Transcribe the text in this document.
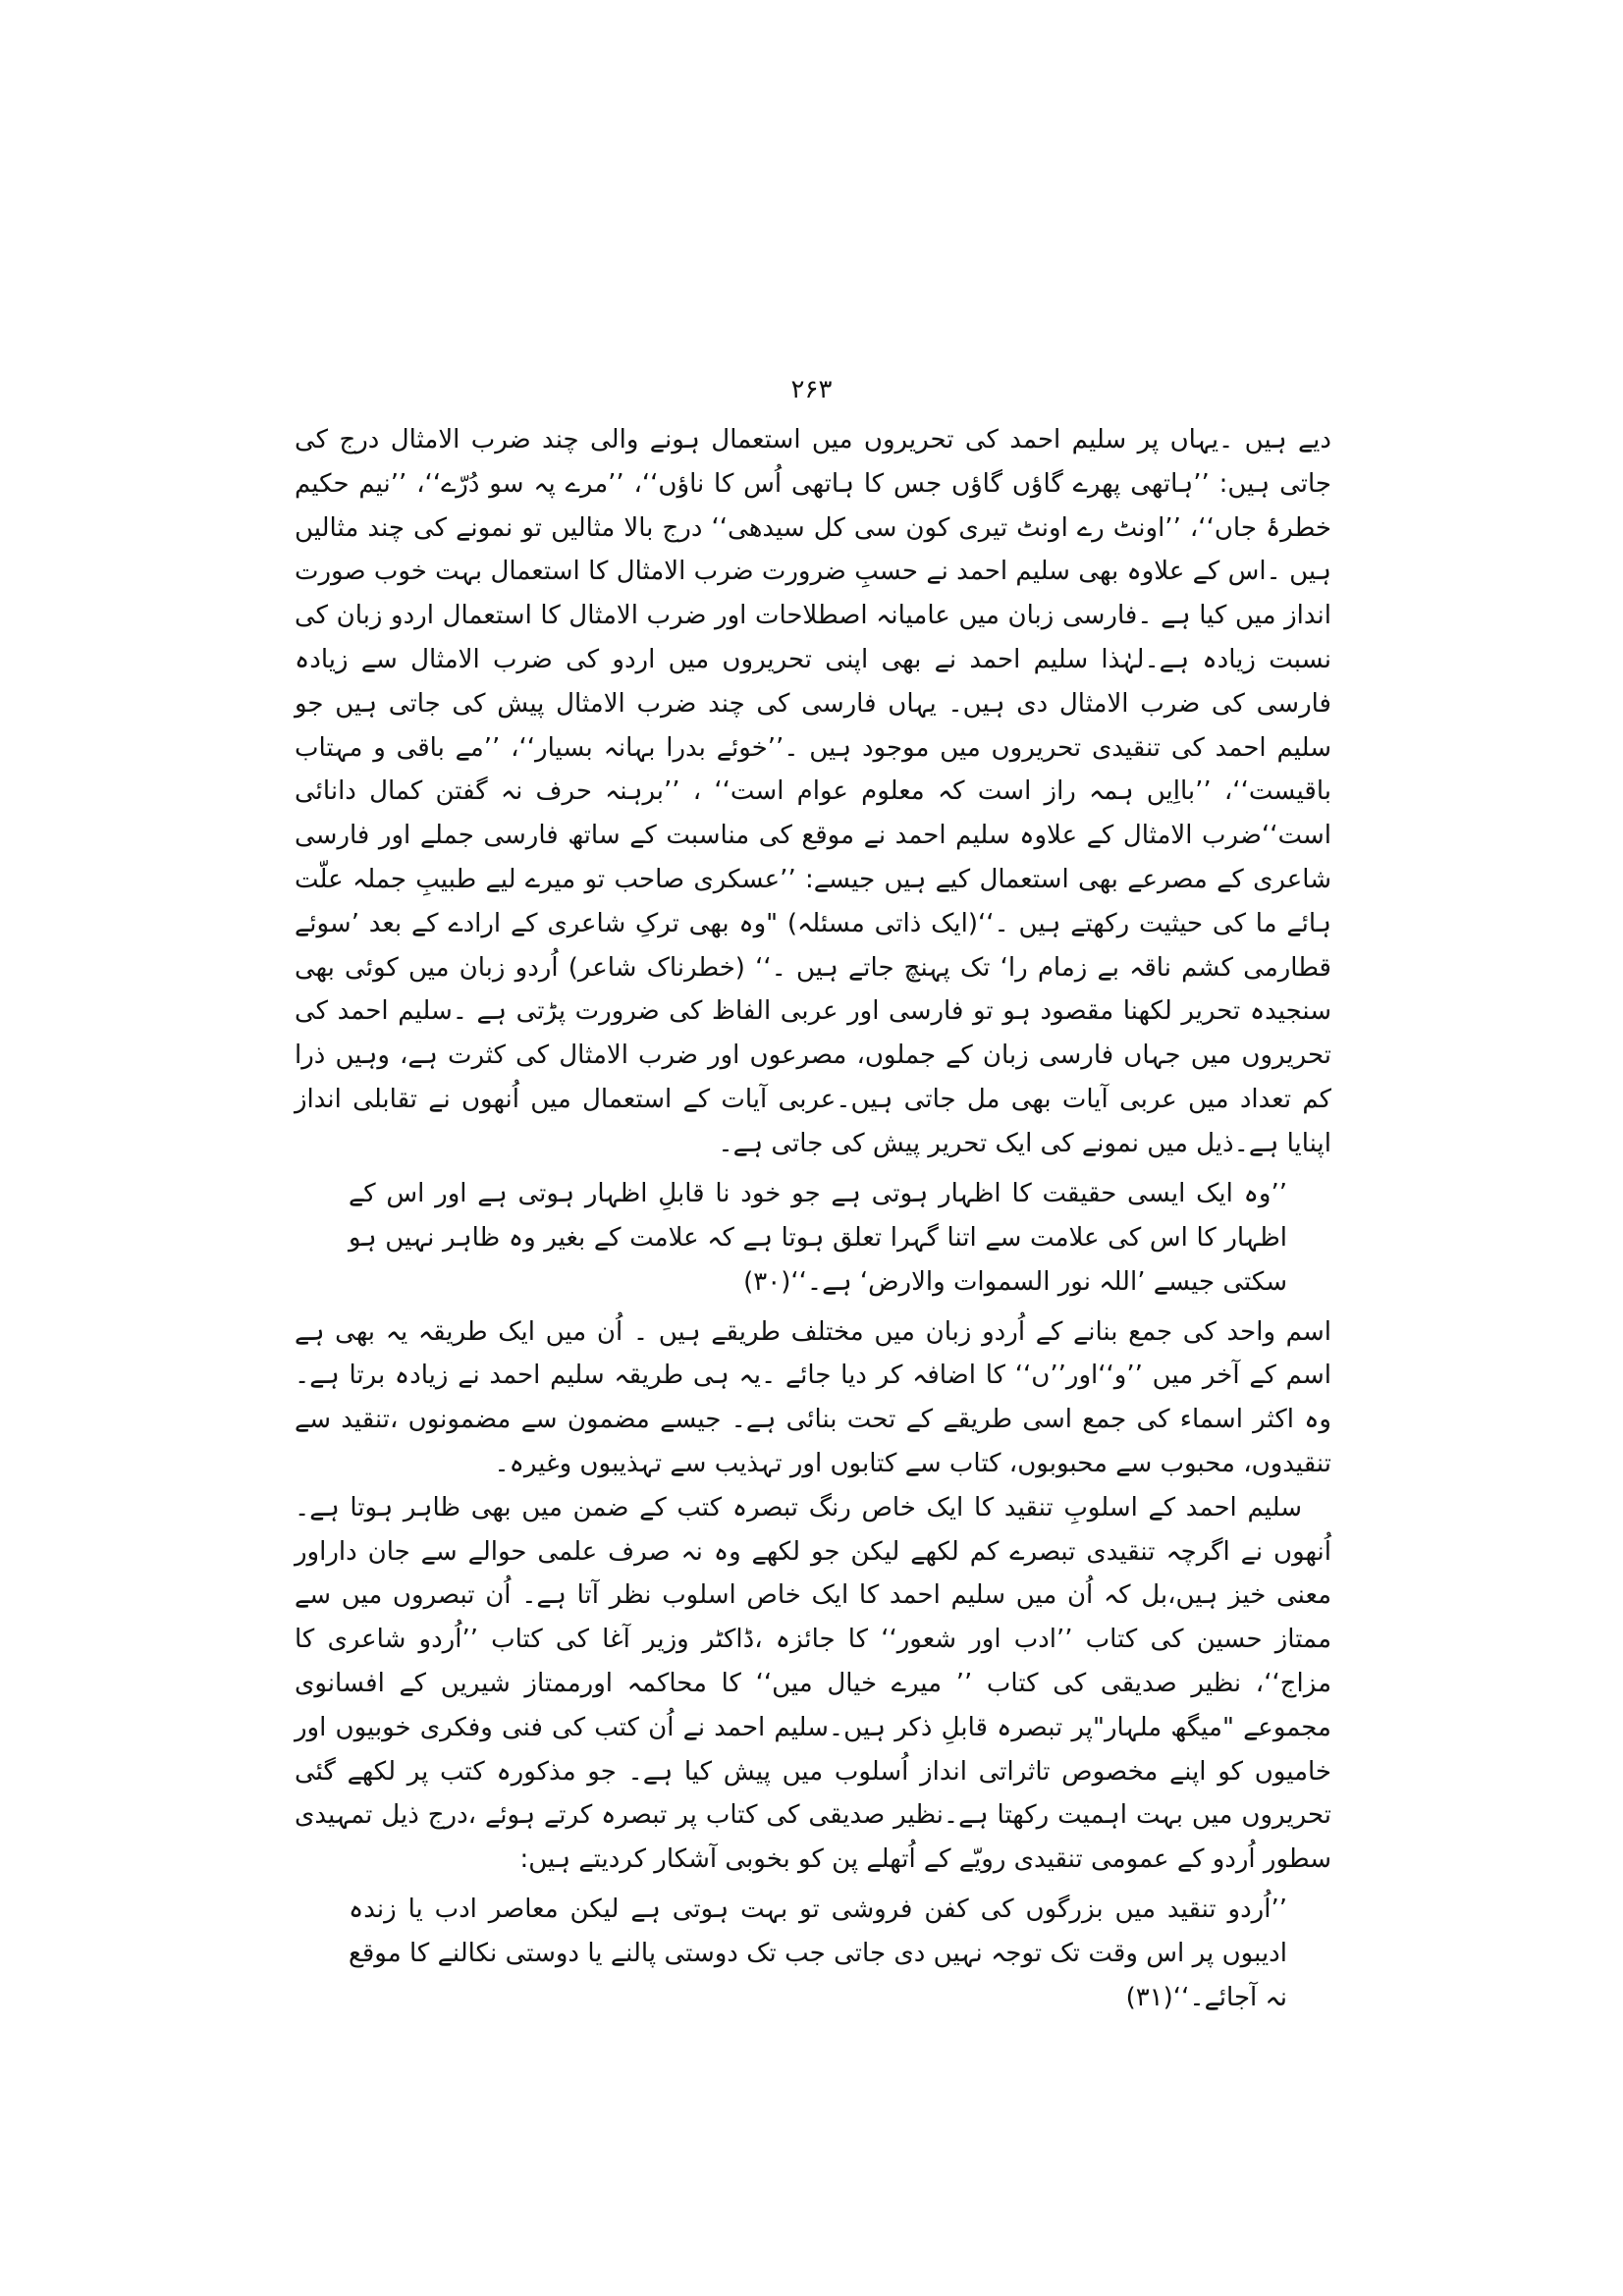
۲۶۳

دیے ہیں ۔یہاں پر سلیم احمد کی تحریروں میں استعمال ہونے والی چند ضرب الامثال درج کی جاتی ہیں: ’’ہاتھی پھرے گاؤں گاؤں جس کا ہاتھی اُس کا ناؤں‘‘، ’’مرے پہ سو دُرّے‘‘، ’’نیم حکیم خطرۂ جاں‘‘، ’’اونٹ رے اونٹ تیری کون سی کل سیدھی‘‘ درج بالا مثالیں تو نمونے کی چند مثالیں ہیں ۔اس کے علاوہ بھی سلیم احمد نے حسبِ ضرورت ضرب الامثال کا استعمال بہت خوب صورت انداز میں کیا ہے ۔فارسی زبان میں عامیانہ اصطلاحات اور ضرب الامثال کا استعمال اردو زبان کی نسبت زیادہ ہے۔لہٰذا سلیم احمد نے بھی اپنی تحریروں میں اردو کی ضرب الامثال سے زیادہ فارسی کی ضرب الامثال دی ہیں۔ یہاں فارسی کی چند ضرب الامثال پیش کی جاتی ہیں جو سلیم احمد کی تنقیدی تحریروں میں موجود ہیں ۔’’خوئے بدرا بہانہ بسیار‘‘، ’’مے باقی و مہتاب باقیست‘‘، ’’بااِیں ہمہ راز است کہ معلوم عوام است‘‘ ، ’’برہنہ حرف نہ گفتن کمال دانائی است‘‘ضرب الامثال کے علاوہ سلیم احمد نے موقع کی مناسبت کے ساتھ فارسی جملے اور فارسی شاعری کے مصرعے بھی استعمال کیے ہیں جیسے: ’’عسکری صاحب تو میرے لیے طبیبِ جملہ علّت ہائے ما کی حیثیت رکھتے ہیں ۔‘‘(ایک ذاتی مسئلہ) "وہ بھی ترکِ شاعری کے ارادے کے بعد ’سوئے قطارمی کشم ناقہ بے زمام را‘ تک پہنچ جاتے ہیں ۔‘‘ (خطرناک شاعر) اُردو زبان میں کوئی بھی سنجیدہ تحریر لکھنا مقصود ہو تو فارسی اور عربی الفاظ کی ضرورت پڑتی ہے ۔سلیم احمد کی تحریروں میں جہاں فارسی زبان کے جملوں، مصرعوں اور ضرب الامثال کی کثرت ہے، وہیں ذرا کم تعداد میں عربی آیات بھی مل جاتی ہیں۔عربی آیات کے استعمال میں اُنھوں نے تقابلی انداز اپنایا ہے۔ذیل میں نمونے کی ایک تحریر پیش کی جاتی ہے۔

’’وہ ایک ایسی حقیقت کا اظہار ہوتی ہے جو خود نا قابلِ اظہار ہوتی ہے اور اس کے اظہار کا اس کی علامت سے اتنا گہرا تعلق ہوتا ہے کہ علامت کے بغیر وہ ظاہر نہیں ہو سکتی جیسے ’اللہ نور السموات والارض‘ ہے۔‘‘(۳۰)

اسم واحد کی جمع بنانے کے اُردو زبان میں مختلف طریقے ہیں ۔ اُن میں ایک طریقہ یہ بھی ہے اسم کے آخر میں ’’و‘‘اور’’ں‘‘ کا اضافہ کر دیا جائے ۔یہ ہی طریقہ سلیم احمد نے زیادہ برتا ہے۔وہ اکثر اسماء کی جمع اسی طریقے کے تحت بنائی ہے۔ جیسے مضمون سے مضمونوں ،تنقید سے تنقیدوں، محبوب سے محبوبوں، کتاب سے کتابوں اور تہذیب سے تہذیبوں وغیرہ۔

سلیم احمد کے اسلوبِ تنقید کا ایک خاص رنگ تبصرہ کتب کے ضمن میں بھی ظاہر ہوتا ہے۔ اُنھوں نے اگرچہ تنقیدی تبصرے کم لکھے لیکن جو لکھے وہ نہ صرف علمی حوالے سے جان داراور معنی خیز ہیں،بل کہ اُن میں سلیم احمد کا ایک خاص اسلوب نظر آتا ہے۔ اُن تبصروں میں سے ممتاز حسین کی کتاب ’’ادب اور شعور‘‘ کا جائزہ ،ڈاکٹر وزیر آغا کی کتاب ’’اُردو شاعری کا مزاج‘‘، نظیر صدیقی کی کتاب ’’ میرے خیال میں‘‘ کا محاکمہ اورممتاز شیریں کے افسانوی مجموعے "میگھ ملہار"پر تبصرہ قابلِ ذکر ہیں۔سلیم احمد نے اُن کتب کی فنی وفکری خوبیوں اور خامیوں کو اپنے مخصوص تاثراتی انداز اُسلوب میں پیش کیا ہے۔ جو مذکورہ کتب پر لکھے گئی تحریروں میں بہت اہمیت رکھتا ہے۔نظیر صدیقی کی کتاب پر تبصرہ کرتے ہوئے ،درج ذیل تمہیدی سطور اُردو کے عمومی تنقیدی رویّے کے اُتھلے پن کو بخوبی آشکار کردیتے ہیں:

’’اُردو تنقید میں بزرگوں کی کفن فروشی تو بہت ہوتی ہے لیکن معاصر ادب یا زندہ ادیبوں پر اس وقت تک توجہ نہیں دی جاتی جب تک دوستی پالنے یا دوستی نکالنے کا موقع نہ آجائے۔‘‘(۳۱)
